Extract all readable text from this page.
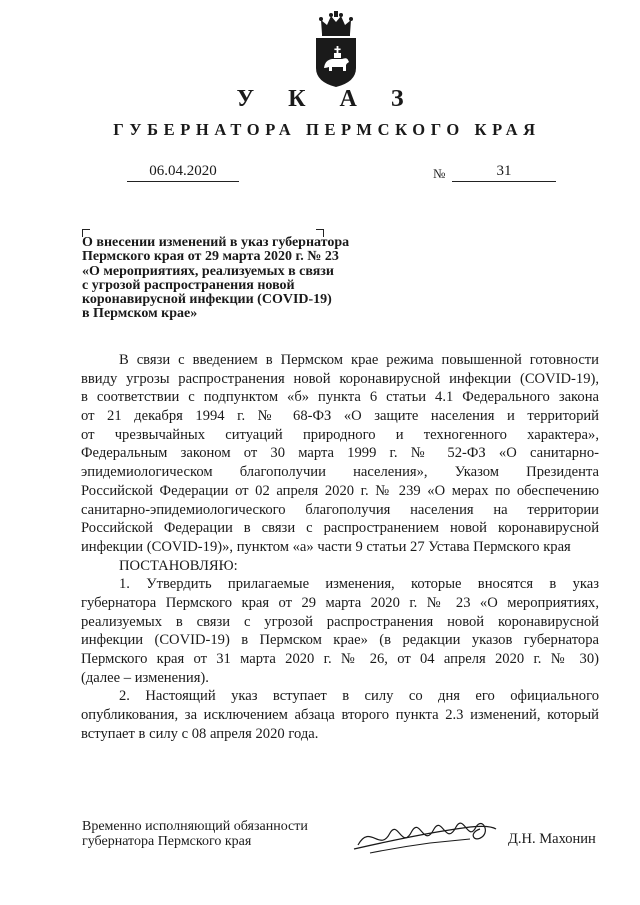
У К А З
ГУБЕРНАТОРА ПЕРМСКОГО КРАЯ
06.04.2020	№	31
О внесении изменений в указ губернатора
Пермского края от 29 марта 2020 г. № 23
«О мероприятиях, реализуемых в связи
с угрозой распространения новой
коронавирусной инфекции (COVID-19)
в Пермском крае»
В связи с введением в Пермском крае режима повышенной готовности
ввиду угрозы распространения новой коронавирусной инфекции (COVID-19),
в соответствии с подпунктом «б» пункта 6 статьи 4.1 Федерального закона
от 21 декабря 1994 г. № 68-ФЗ «О защите населения и территорий
от чрезвычайных ситуаций природного и техногенного характера»,
Федеральным законом от 30 марта 1999 г. № 52-ФЗ «О санитарно-
эпидемиологическом благополучии населения», Указом Президента
Российской Федерации от 02 апреля 2020 г. № 239 «О мерах по обеспечению
санитарно-эпидемиологического благополучия населения на территории
Российской Федерации в связи с распространением новой коронавирусной
инфекции (COVID-19)», пунктом «а» части 9 статьи 27 Устава Пермского края
ПОСТАНОВЛЯЮ:
1. Утвердить прилагаемые изменения, которые вносятся в указ
губернатора Пермского края от 29 марта 2020 г. № 23 «О мероприятиях,
реализуемых в связи с угрозой распространения новой коронавирусной
инфекции (COVID-19) в Пермском крае» (в редакции указов губернатора
Пермского края от 31 марта 2020 г. № 26, от 04 апреля 2020 г. № 30)
(далее – изменения).
2. Настоящий указ вступает в силу со дня его официального
опубликования, за исключением абзаца второго пункта 2.3 изменений, который
вступает в силу с 08 апреля 2020 года.
Временно исполняющий обязанности
губернатора Пермского края	Д.Н. Махонин
